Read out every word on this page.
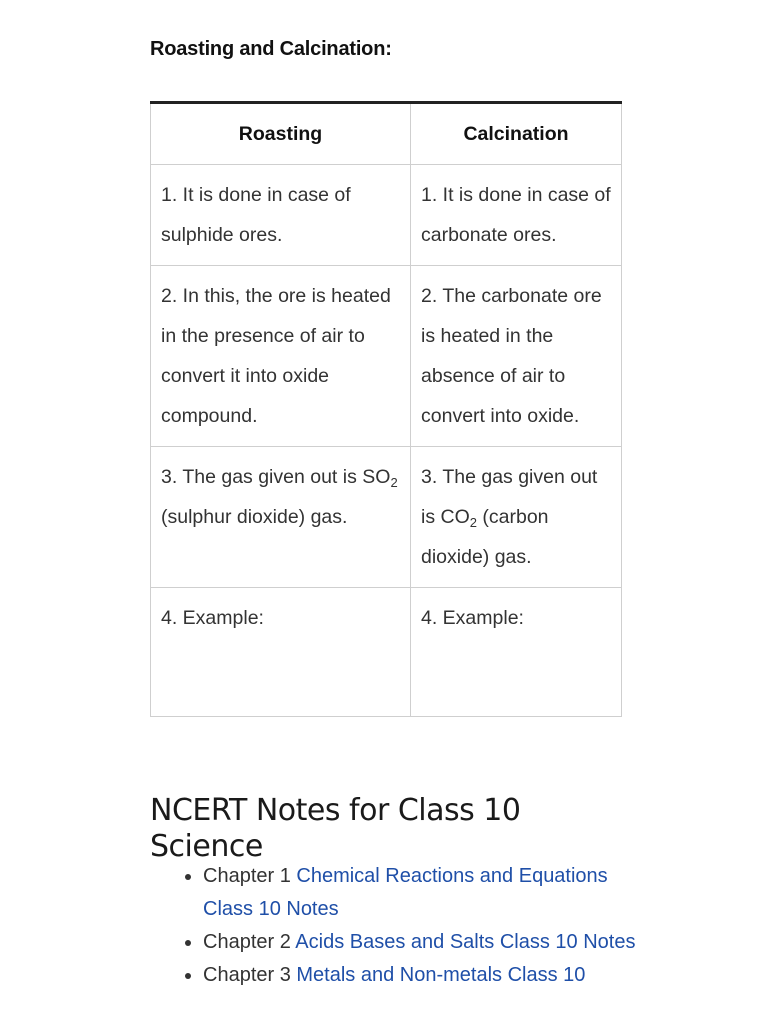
Roasting and Calcination:
Roasting	Calcination
1. It is done in case of sulphide ores.	1. It is done in case of carbonate ores.
2. In this, the ore is heated in the presence of air to convert it into oxide compound.	2. The carbonate ore is heated in the absence of air to convert into oxide.
3. The gas given out is $SO_2$ (sulphur dioxide) gas.	3. The gas given out is $CO_2$ (carbon dioxide) gas.
4. Example:	4. Example:
NCERT Notes for Class 10 Science
• Chapter 1 Chemical Reactions and Equations Class 10 Notes
• Chapter 2 Acids Bases and Salts Class 10 Notes
• Chapter 3 Metals and Non-metals Class 10
